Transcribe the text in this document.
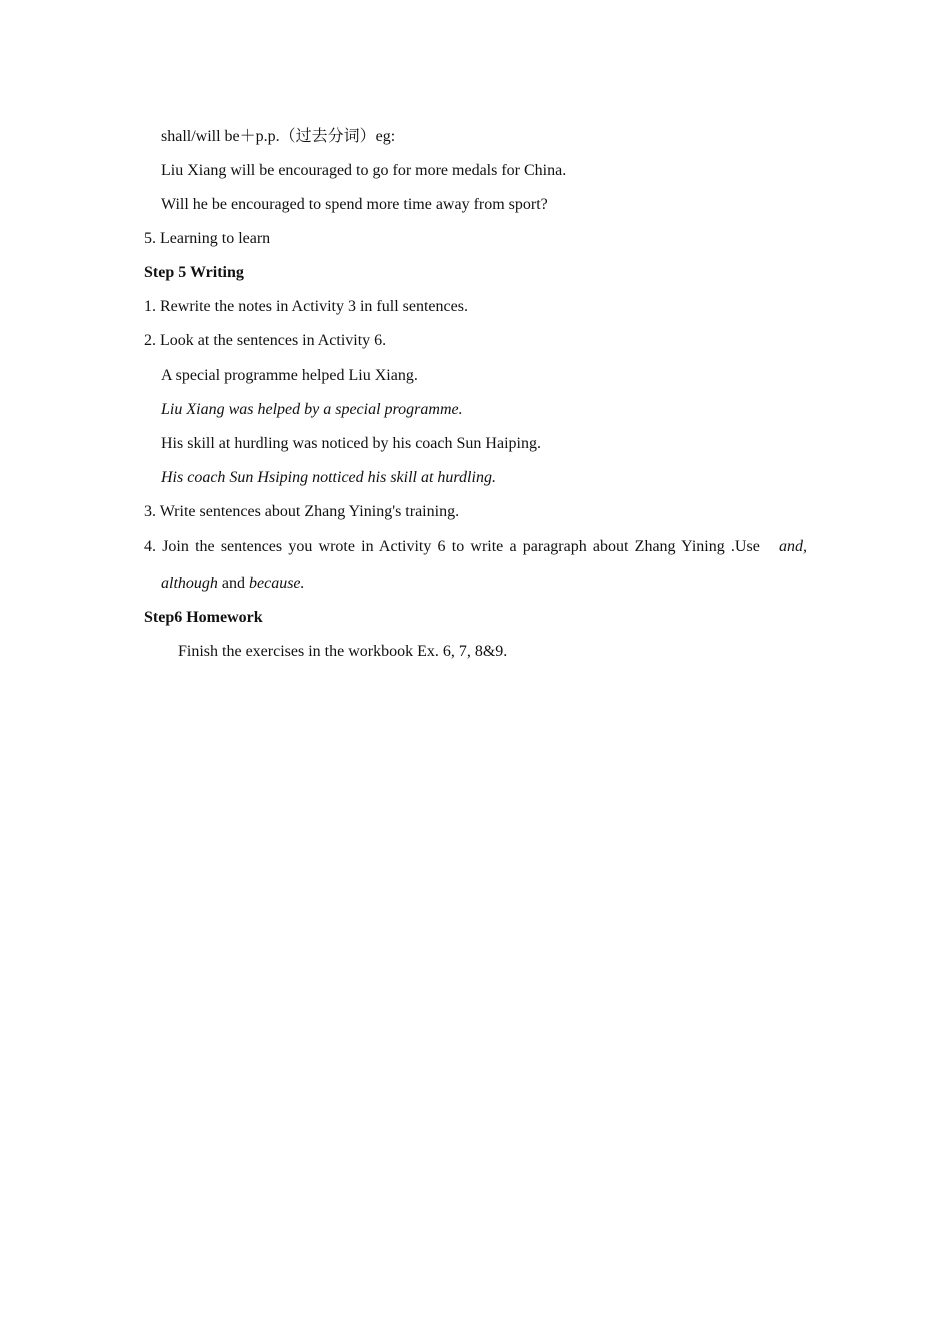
shall/will be＋p.p.（过去分词）eg:
Liu Xiang will be encouraged to go for more medals for China.
Will he be encouraged to spend more time away from sport?
5. Learning to learn
Step 5 Writing
1. Rewrite the notes in Activity 3 in full sentences.
2. Look at the sentences in Activity 6.
A special programme helped Liu Xiang.
Liu Xiang was helped by a special programme.
His skill at hurdling was noticed by his coach Sun Haiping.
His coach Sun Hsiping notticed his skill at hurdling.
3. Write sentences about Zhang Yining's training.
4. Join the sentences you wrote in Activity 6 to write a paragraph about Zhang Yining .Use and,
although and because.
Step6 Homework
Finish the exercises in the workbook Ex. 6, 7, 8&9.
